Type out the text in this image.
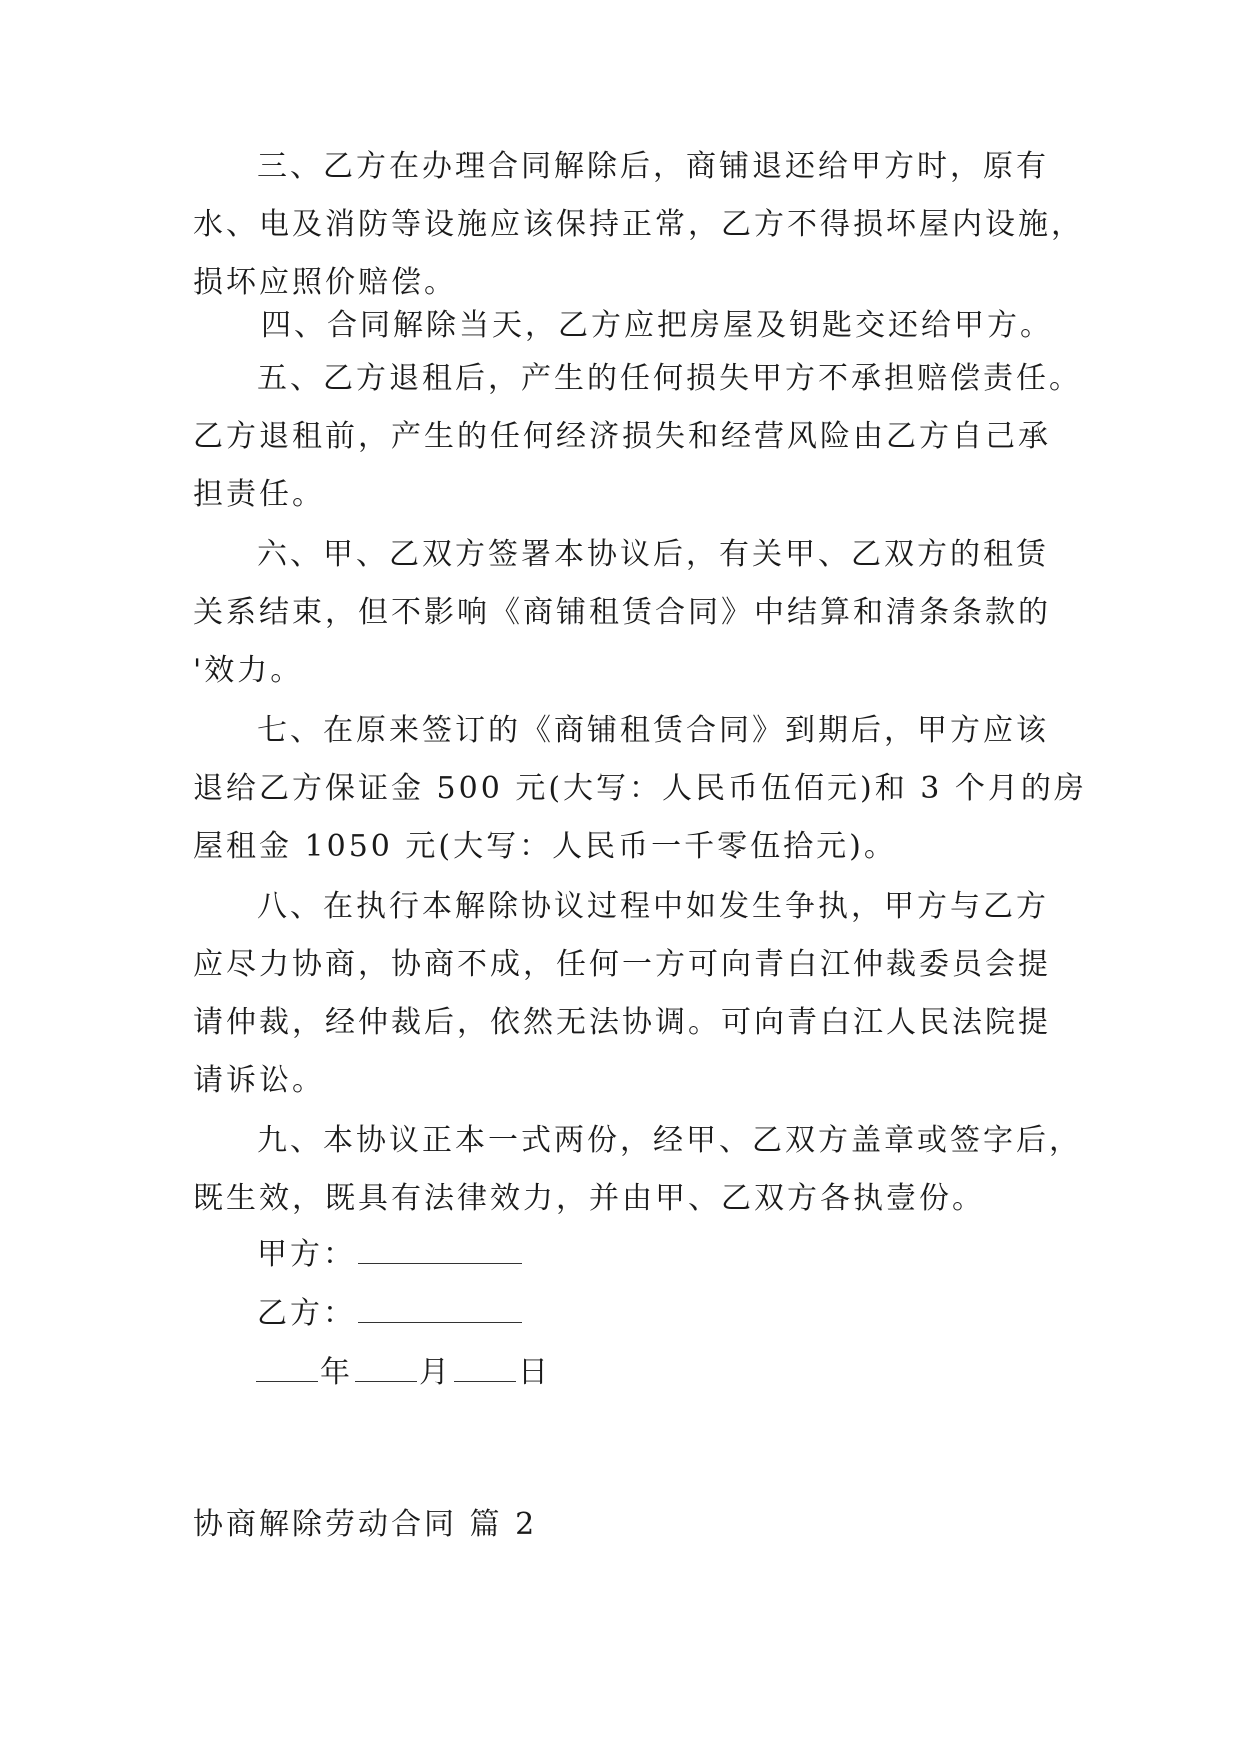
三、乙方在办理合同解除后，商铺退还给甲方时，原有
水、电及消防等设施应该保持正常，乙方不得损坏屋内设施，
损坏应照价赔偿。
四、合同解除当天，乙方应把房屋及钥匙交还给甲方。
五、乙方退租后，产生的任何损失甲方不承担赔偿责任。
乙方退租前，产生的任何经济损失和经营风险由乙方自己承
担责任。
六、甲、乙双方签署本协议后，有关甲、乙双方的租赁
关系结束，但不影响《商铺租赁合同》中结算和清条条款的
'效力。
七、在原来签订的《商铺租赁合同》到期后，甲方应该
退给乙方保证金 500 元(大写：人民币伍佰元)和 3 个月的房
屋租金 1050 元(大写：人民币一千零伍拾元)。
八、在执行本解除协议过程中如发生争执，甲方与乙方
应尽力协商，协商不成，任何一方可向青白江仲裁委员会提
请仲裁，经仲裁后，依然无法协调。可向青白江人民法院提
请诉讼。
九、本协议正本一式两份，经甲、乙双方盖章或签字后，
既生效，既具有法律效力，并由甲、乙双方各执壹份。
甲方：
乙方：
年 月 日
协商解除劳动合同 篇 2
